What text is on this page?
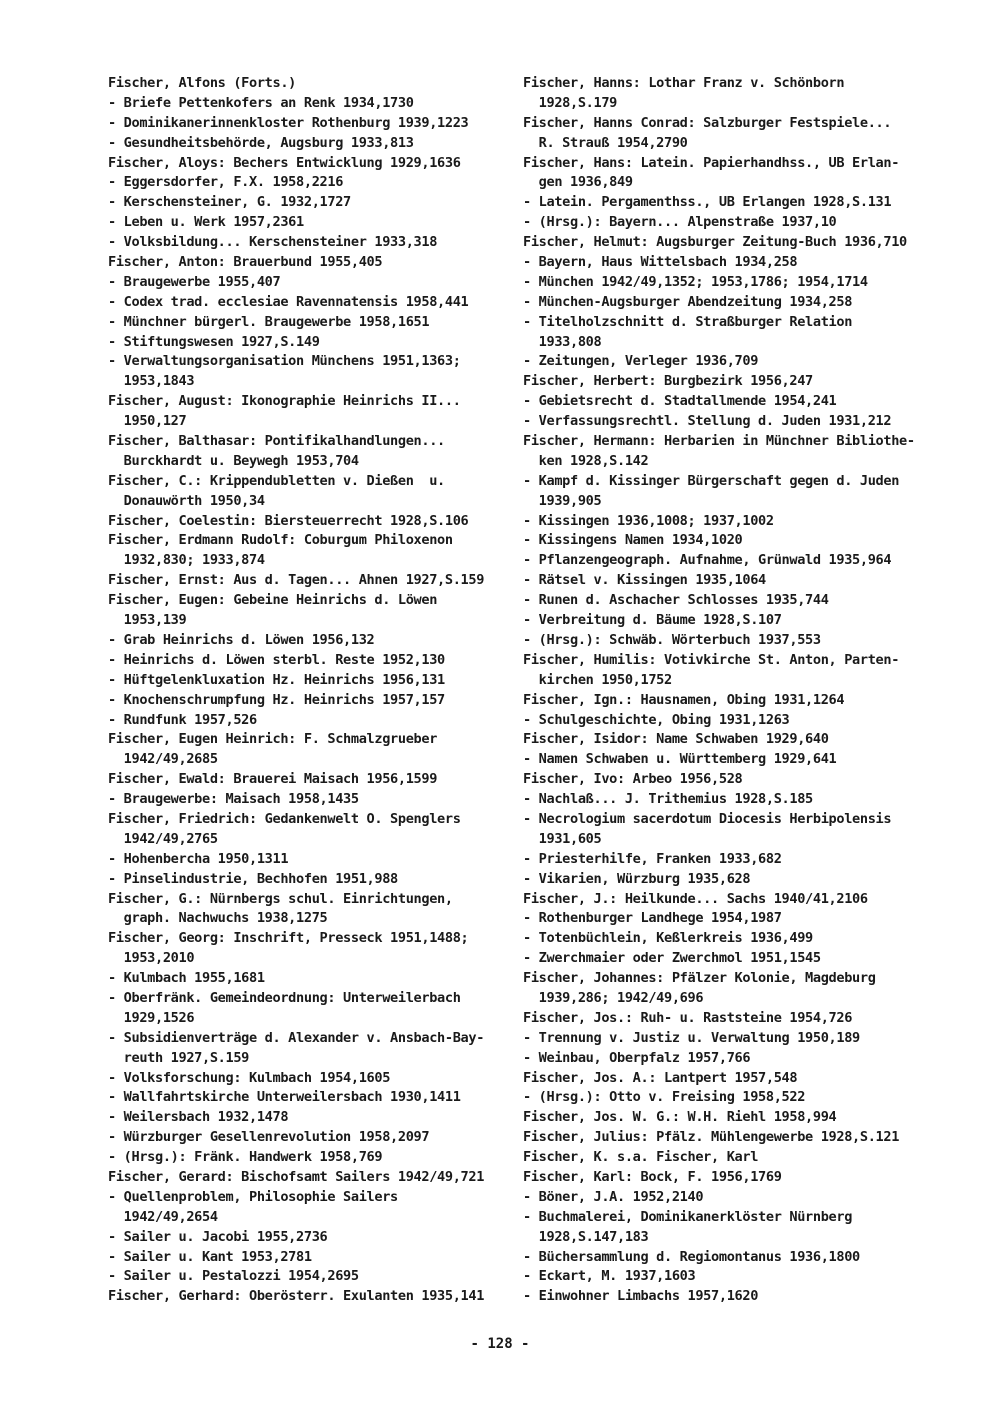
Fischer, Alfons (Forts.)
- Briefe Pettenkofers an Renk 1934,1730
- Dominikanerinnenkloster Rothenburg 1939,1223
- Gesundheitsbehörde, Augsburg 1933,813
Fischer, Aloys: Bechers Entwicklung 1929,1636
- Eggersdorfer, F.X. 1958,2216
- Kerschensteiner, G. 1932,1727
- Leben u. Werk 1957,2361
- Volksbildung... Kerschensteiner 1933,318
Fischer, Anton: Brauerbund 1955,405
- Braugewerbe 1955,407
- Codex trad. ecclesiae Ravennatensis 1958,441
- Münchner bürgerl. Braugewerbe 1958,1651
- Stiftungswesen 1927,S.149
- Verwaltungsorganisation Münchens 1951,1363;
1953,1843
Fischer, August: Ikonographie Heinrichs II...
1950,127
Fischer, Balthasar: Pontifikalhandlungen...
Burckhardt u. Beywegh 1953,704
Fischer, C.: Krippendubletten v. Dießen  u.
Donauwörth 1950,34
Fischer, Coelestin: Biersteuerrecht 1928,S.106
Fischer, Erdmann Rudolf: Coburgum Philoxenon
1932,830; 1933,874
Fischer, Ernst: Aus d. Tagen... Ahnen 1927,S.159
Fischer, Eugen: Gebeine Heinrichs d. Löwen
1953,139
- Grab Heinrichs d. Löwen 1956,132
- Heinrichs d. Löwen sterbl. Reste 1952,130
- Hüftgelenkluxation Hz. Heinrichs 1956,131
- Knochenschrumpfung Hz. Heinrichs 1957,157
- Rundfunk 1957,526
Fischer, Eugen Heinrich: F. Schmalzgrueber
1942/49,2685
Fischer, Ewald: Brauerei Maisach 1956,1599
- Braugewerbe: Maisach 1958,1435
Fischer, Friedrich: Gedankenwelt O. Spenglers
1942/49,2765
- Hohenbercha 1950,1311
- Pinselindustrie, Bechhofen 1951,988
Fischer, G.: Nürnbergs schul. Einrichtungen,
graph. Nachwuchs 1938,1275
Fischer, Georg: Inschrift, Presseck 1951,1488;
1953,2010
- Kulmbach 1955,1681
- Oberfränk. Gemeindeordnung: Unterweilerbach
1929,1526
- Subsidienverträge d. Alexander v. Ansbach-Bay-
reuth 1927,S.159
- Volksforschung: Kulmbach 1954,1605
- Wallfahrtskirche Unterweilersbach 1930,1411
- Weilersbach 1932,1478
- Würzburger Gesellenrevolution 1958,2097
- (Hrsg.): Fränk. Handwerk 1958,769
Fischer, Gerard: Bischofsamt Sailers 1942/49,721
- Quellenproblem, Philosophie Sailers
1942/49,2654
- Sailer u. Jacobi 1955,2736
- Sailer u. Kant 1953,2781
- Sailer u. Pestalozzi 1954,2695
Fischer, Gerhard: Oberösterr. Exulanten 1935,141
Fischer, Hanns: Lothar Franz v. Schönborn
1928,S.179
Fischer, Hanns Conrad: Salzburger Festspiele...
R. Strauß 1954,2790
Fischer, Hans: Latein. Papierhandhss., UB Erlan-
gen 1936,849
- Latein. Pergamenthss., UB Erlangen 1928,S.131
- (Hrsg.): Bayern... Alpenstraße 1937,10
Fischer, Helmut: Augsburger Zeitung-Buch 1936,710
- Bayern, Haus Wittelsbach 1934,258
- München 1942/49,1352; 1953,1786; 1954,1714
- München-Augsburger Abendzeitung 1934,258
- Titelholzschnitt d. Straßburger Relation
1933,808
- Zeitungen, Verleger 1936,709
Fischer, Herbert: Burgbezirk 1956,247
- Gebietsrecht d. Stadtallmende 1954,241
- Verfassungsrechtl. Stellung d. Juden 1931,212
Fischer, Hermann: Herbarien in Münchner Bibliothe-
ken 1928,S.142
- Kampf d. Kissinger Bürgerschaft gegen d. Juden
1939,905
- Kissingen 1936,1008; 1937,1002
- Kissingens Namen 1934,1020
- Pflanzengeograph. Aufnahme, Grünwald 1935,964
- Rätsel v. Kissingen 1935,1064
- Runen d. Aschacher Schlosses 1935,744
- Verbreitung d. Bäume 1928,S.107
- (Hrsg.): Schwäb. Wörterbuch 1937,553
Fischer, Humilis: Votivkirche St. Anton, Parten-
kirchen 1950,1752
Fischer, Ign.: Hausnamen, Obing 1931,1264
- Schulgeschichte, Obing 1931,1263
Fischer, Isidor: Name Schwaben 1929,640
- Namen Schwaben u. Württemberg 1929,641
Fischer, Ivo: Arbeo 1956,528
- Nachlaß... J. Trithemius 1928,S.185
- Necrologium sacerdotum Diocesis Herbipolensis
1931,605
- Priesterhilfe, Franken 1933,682
- Vikarien, Würzburg 1935,628
Fischer, J.: Heilkunde... Sachs 1940/41,2106
- Rothenburger Landhege 1954,1987
- Totenbüchlein, Keßlerkreis 1936,499
- Zwerchmaier oder Zwerchmol 1951,1545
Fischer, Johannes: Pfälzer Kolonie, Magdeburg
1939,286; 1942/49,696
Fischer, Jos.: Ruh- u. Raststeine 1954,726
- Trennung v. Justiz u. Verwaltung 1950,189
- Weinbau, Oberpfalz 1957,766
Fischer, Jos. A.: Lantpert 1957,548
- (Hrsg.): Otto v. Freising 1958,522
Fischer, Jos. W. G.: W.H. Riehl 1958,994
Fischer, Julius: Pfälz. Mühlengewerbe 1928,S.121
Fischer, K. s.a. Fischer, Karl
Fischer, Karl: Bock, F. 1956,1769
- Böner, J.A. 1952,2140
- Buchmalerei, Dominikanerklöster Nürnberg
1928,S.147,183
- Büchersammlung d. Regiomontanus 1936,1800
- Eckart, M. 1937,1603
- Einwohner Limbachs 1957,1620
- 128 -
